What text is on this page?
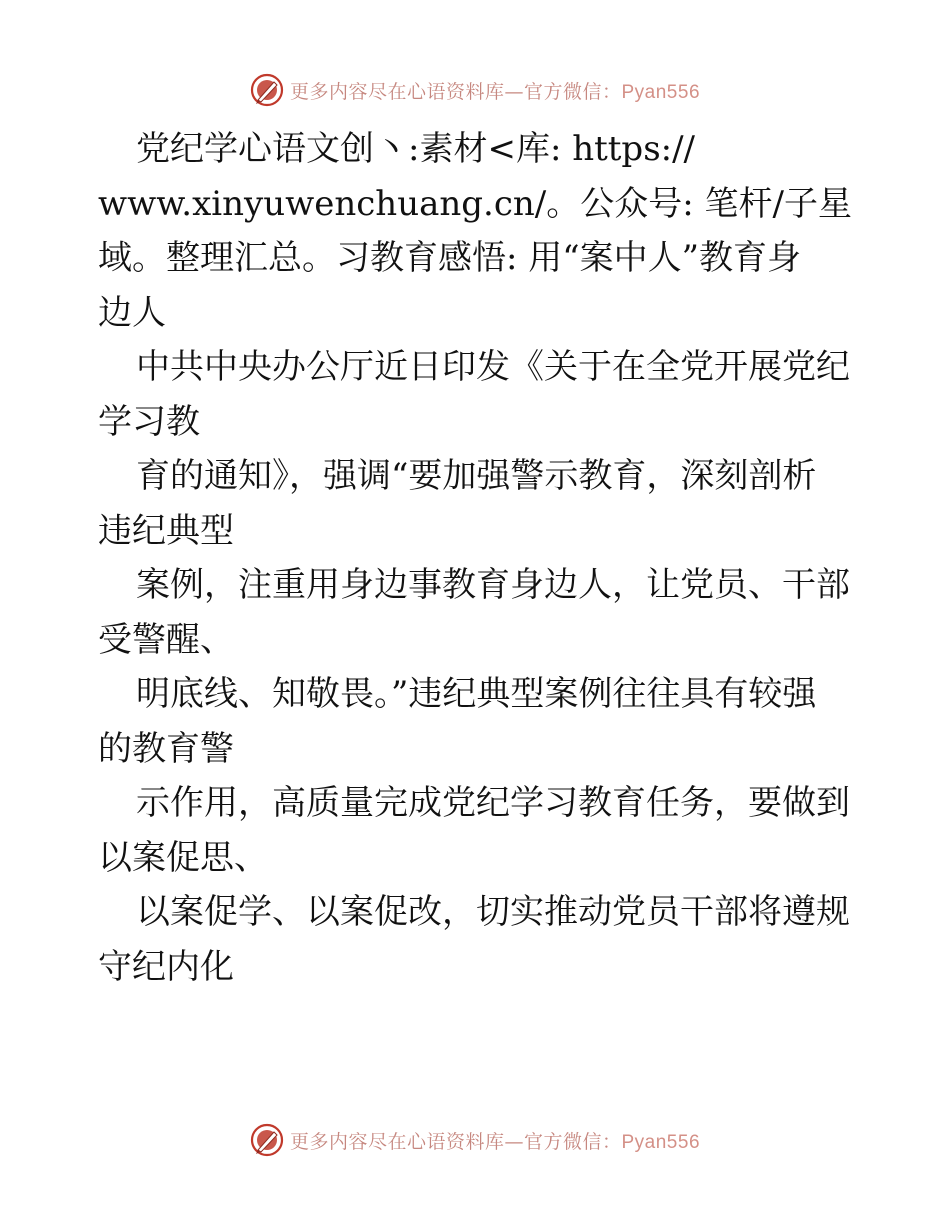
更多内容尽在心语资料库—官方微信：Pyan556
党纪学心语文创丶:素材<库: https://
www.xinyuwenchuang.cn/。公众号: 笔杆/子星
域。整理汇总。习教育感悟: 用“案中人”教育身
边人
中共中央办公厅近日印发《关于在全党开展党纪
学习教
育的通知》，强调“要加强警示教育，深刻剖析
违纪典型
案例，注重用身边事教育身边人，让党员、干部
受警醒、
明底线、知敬畏。”违纪典型案例往往具有较强
的教育警
示作用，高质量完成党纪学习教育任务，要做到
以案促思、
以案促学、以案促改，切实推动党员干部将遵规
守纪内化
更多内容尽在心语资料库—官方微信：Pyan556
